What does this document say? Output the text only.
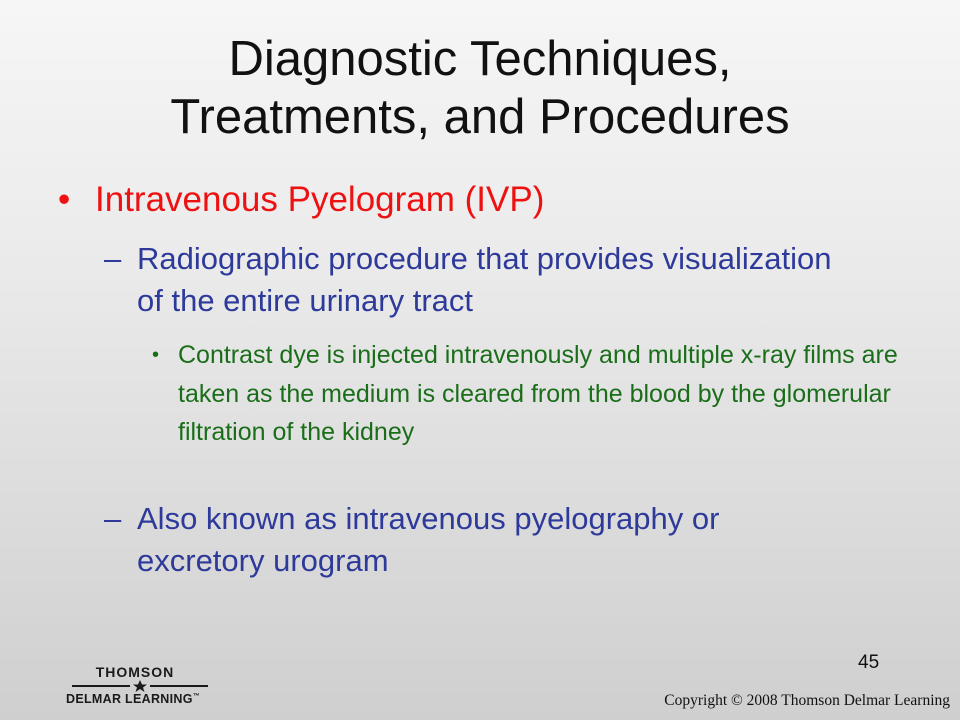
Diagnostic Techniques,
Treatments, and Procedures
• Intravenous Pyelogram (IVP)
– Radiographic procedure that provides visualization of the entire urinary tract
• Contrast dye is injected intravenously and multiple x-ray films are taken as the medium is cleared from the blood by the glomerular filtration of the kidney
– Also known as intravenous pyelography or excretory urogram
45
THOMSON
DELMAR LEARNING™	Copyright © 2008 Thomson Delmar Learning
